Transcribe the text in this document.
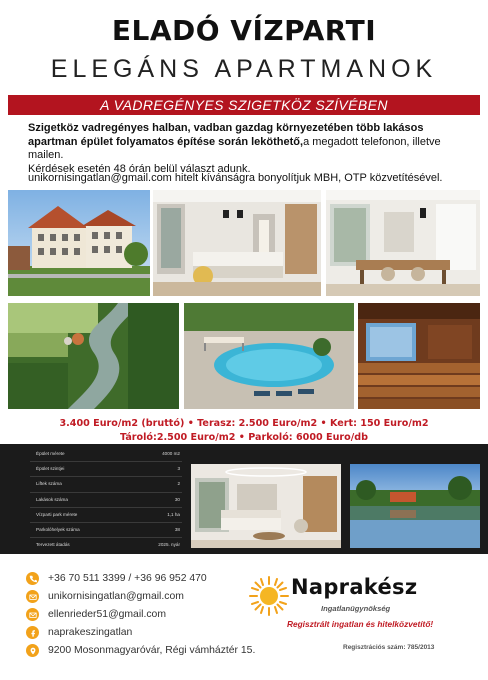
ELADÓ VÍZPARTI
ELEGÁNS APARTMANOK
A VADREGÉNYES SZIGETKÖZ SZÍVÉBEN
Szigetköz vadregényes halban, vadban gazdag környezetében több lakásos apartman épület folyamatos építése során leköthető,a megadott telefonon, illetve mailen.
Kérdések esetén 48 órán belül választ adunk.
unikornisingatlan@gmail.com hitelt kívánságra bonyolítjuk MBH, OTP közvetítésével.
3.400 Euro/m2 (bruttó) • Terasz: 2.500 Euro/m2 • Kert: 150 Euro/m2
Tároló:2.500 Euro/m2 • Parkoló: 6000 Euro/db
Épület mérete	4000 m2
Épület szintjei	3
Liftek száma	2
Lakások száma	30
Vízparti park mérete	1,1 ha
Parkolóhelyek száma	38
Tervezett átadás	2025. nyár
+36 70 511 3399 / +36 96 952 470
unikornisingatlan@gmail.com
ellenrieder51@gmail.com
naprakeszingatlan
9200 Mosonmagyaróvár, Régi vámháztér 15.
Naprakész
Ingatlanügynökség
Regisztrált ingatlan és hitelközvetítő!
Regisztrációs szám: 785/2013
